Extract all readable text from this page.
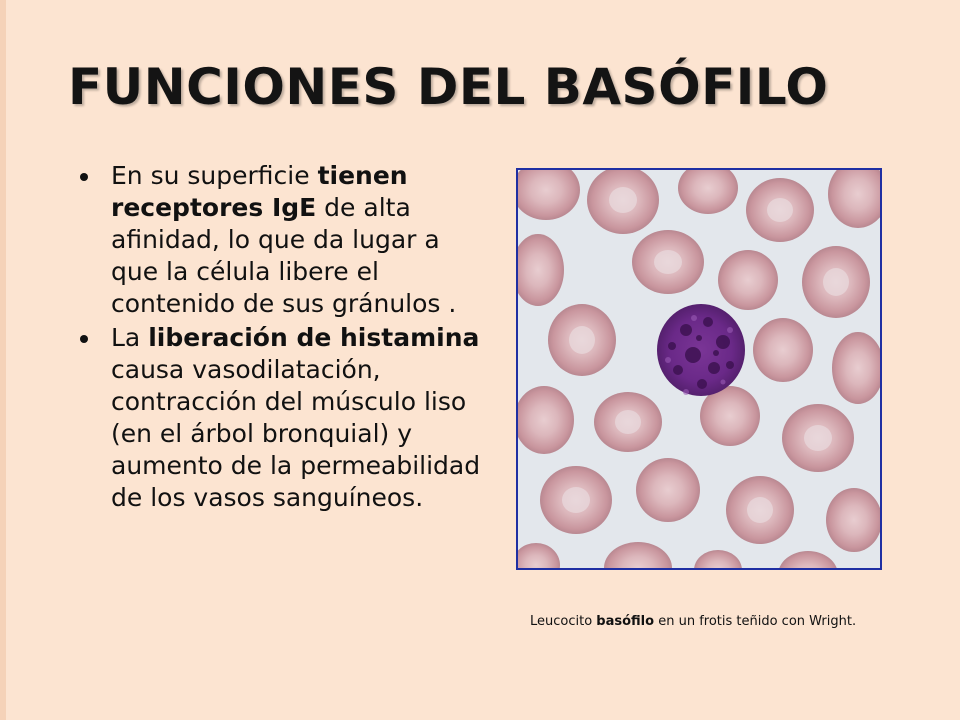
FUNCIONES DEL BASÓFILO
En su superficie tienen receptores IgE de alta afinidad, lo que da lugar a que la célula libere el contenido de sus gránulos .
La liberación de histamina causa vasodilatación, contracción del músculo liso (en el árbol bronquial) y aumento de la permeabilidad de los vasos sanguíneos.
Leucocito basófilo en un frotis teñido con Wright.
